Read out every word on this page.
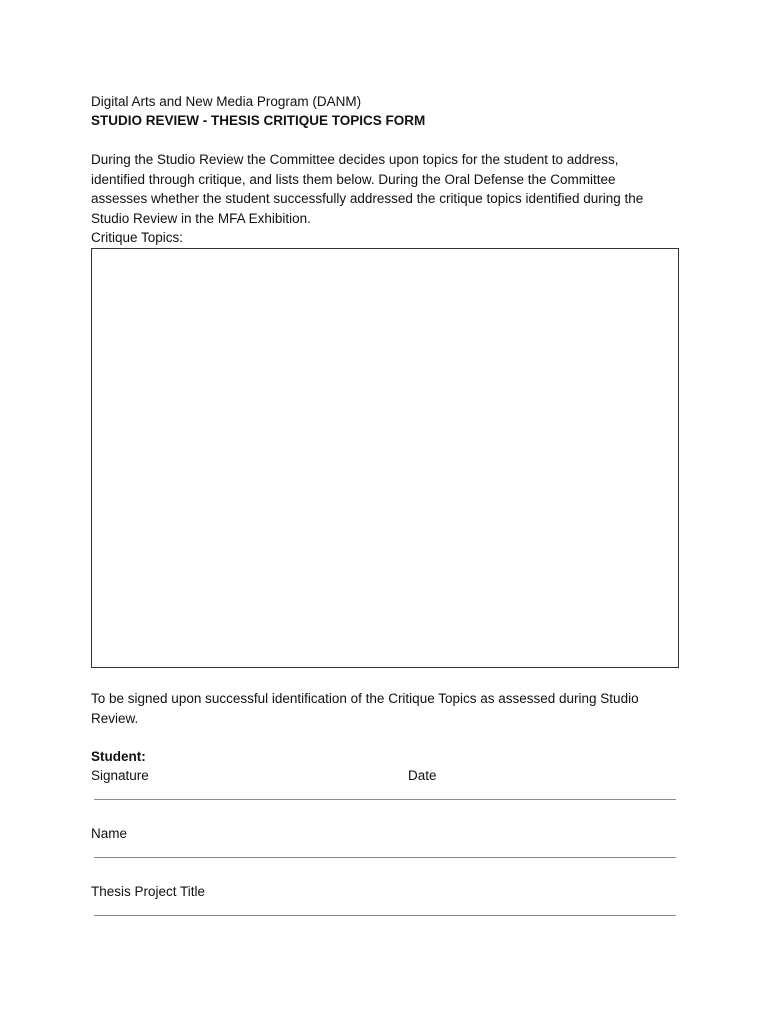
Digital Arts and New Media Program (DANM)
STUDIO REVIEW - THESIS CRITIQUE TOPICS FORM
During the Studio Review the Committee decides upon topics for the student to address, identified through critique, and lists them below. During the Oral Defense the Committee assesses whether the student successfully addressed the critique topics identified during the Studio Review in the MFA Exhibition.
Critique Topics:
To be signed upon successful identification of the Critique Topics as assessed during Studio Review.
Student:
Signature	Date
Name
Thesis Project Title
